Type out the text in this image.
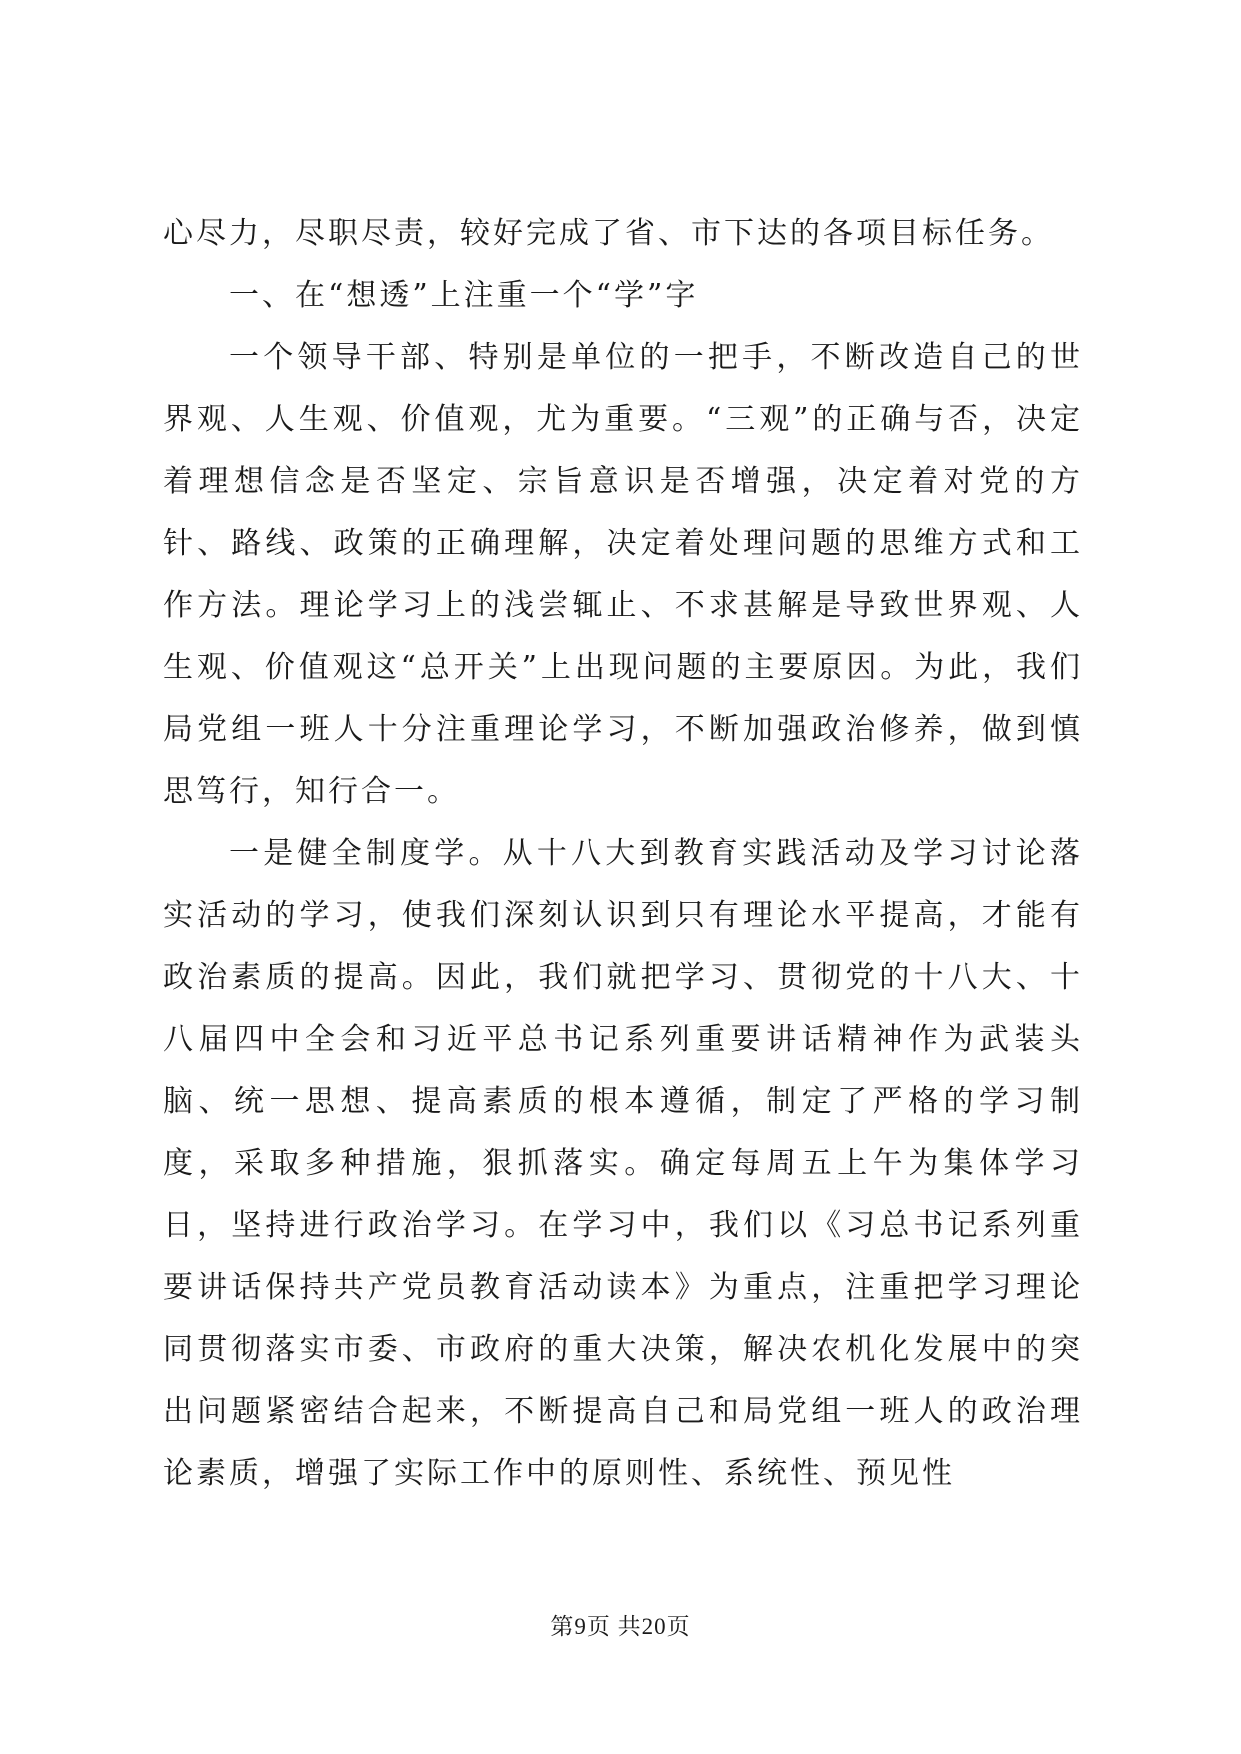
心尽力，尽职尽责，较好完成了省、市下达的各项目标任务。

一、在“想透”上注重一个“学”字

一个领导干部、特别是单位的一把手，不断改造自己的世界观、人生观、价值观，尤为重要。“三观”的正确与否，决定着理想信念是否坚定、宗旨意识是否增强，决定着对党的方针、路线、政策的正确理解，决定着处理问题的思维方式和工作方法。理论学习上的浅尝辄止、不求甚解是导致世界观、人生观、价值观这“总开关”上出现问题的主要原因。为此，我们局党组一班人十分注重理论学习，不断加强政治修养，做到慎思笃行，知行合一。

一是健全制度学。从十八大到教育实践活动及学习讨论落实活动的学习，使我们深刻认识到只有理论水平提高，才能有政治素质的提高。因此，我们就把学习、贯彻党的十八大、十八届四中全会和习近平总书记系列重要讲话精神作为武装头脑、统一思想、提高素质的根本遵循，制定了严格的学习制度，采取多种措施，狠抓落实。确定每周五上午为集体学习日，坚持进行政治学习。在学习中，我们以《习总书记系列重要讲话保持共产党员教育活动读本》为重点，注重把学习理论同贯彻落实市委、市政府的重大决策，解决农机化发展中的突出问题紧密结合起来，不断提高自己和局党组一班人的政治理论素质，增强了实际工作中的原则性、系统性、预见性

第9页 共20页
